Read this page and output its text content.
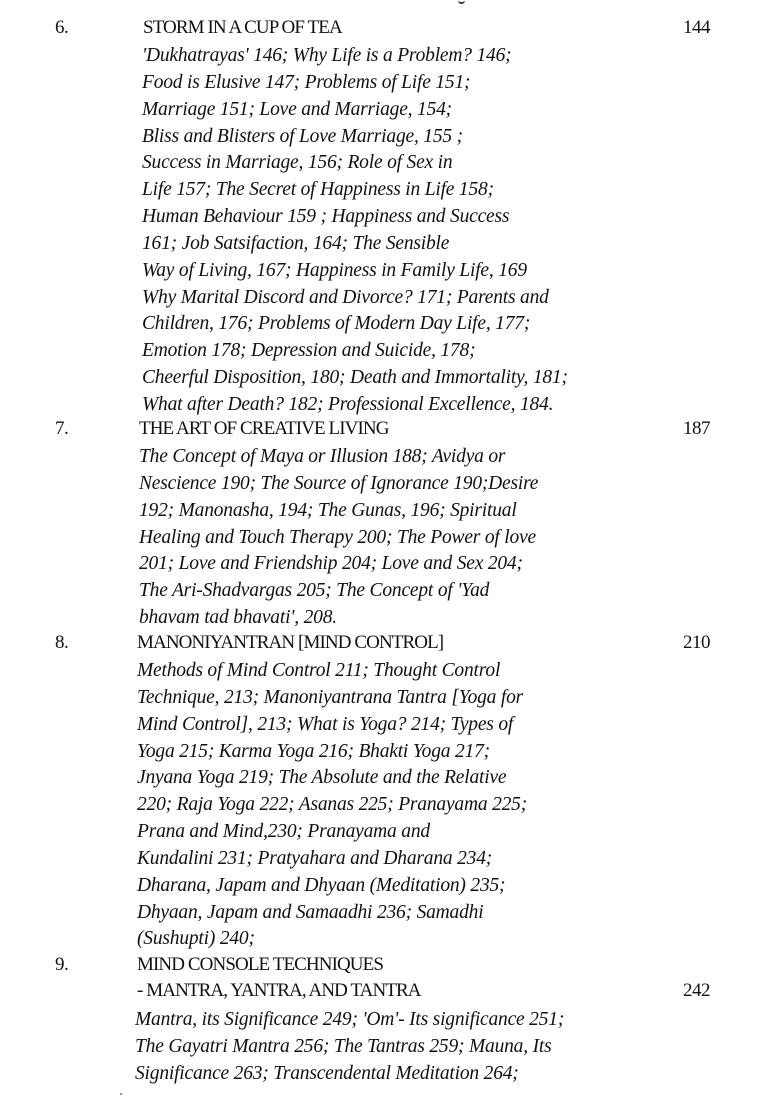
6.	STORM IN A CUP OF TEA	144
'Dukhatrayas' 146; Why Life is a Problem? 146;
Food is Elusive 147; Problems of Life 151;
Marriage 151; Love and Marriage, 154;
Bliss and Blisters of Love Marriage, 155 ;
Success in Marriage, 156; Role of Sex in
Life 157; The Secret of Happiness in Life 158;
Human Behaviour 159 ; Happiness and Success
161; Job Satsifaction, 164; The Sensible
Way of Living, 167; Happiness in Family Life, 169
Why Marital Discord and Divorce? 171; Parents and
Children, 176; Problems of Modern Day Life, 177;
Emotion 178; Depression and Suicide, 178;
Cheerful Disposition, 180; Death and Immortality, 181;
What after Death? 182; Professional Excellence, 184.
7.	THE ART OF CREATIVE LIVING	187
The Concept of Maya or Illusion 188; Avidya or
Nescience 190; The Source of Ignorance 190;Desire
192; Manonasha, 194; The Gunas, 196; Spiritual
Healing and Touch Therapy 200; The Power of love
201; Love and Friendship 204; Love and Sex 204;
The Ari-Shadvargas 205; The Concept of 'Yad
bhavam tad bhavati', 208.
8.	MANONIYANTRAN [MIND CONTROL]	210
Methods of Mind Control 211; Thought Control
Technique, 213; Manoniyantrana Tantra [Yoga for
Mind Control], 213; What is Yoga? 214; Types of
Yoga 215; Karma Yoga 216; Bhakti Yoga 217;
Jnyana Yoga 219; The Absolute and the Relative
220; Raja Yoga 222; Asanas 225; Pranayama 225;
Prana and Mind,230; Pranayama and
Kundalini 231; Pratyahara and Dharana 234;
Dharana, Japam and Dhyaan (Meditation) 235;
Dhyaan, Japam and Samaadhi 236; Samadhi
(Sushupti) 240;
9.	MIND CONSOLE TECHNIQUES
- MANTRA, YANTRA, AND TANTRA	242
Mantra, its Significance 249; 'Om'- Its significance 251;
The Gayatri Mantra 256; The Tantras 259; Mauna, Its
Significance 263; Transcendental Meditation 264;
